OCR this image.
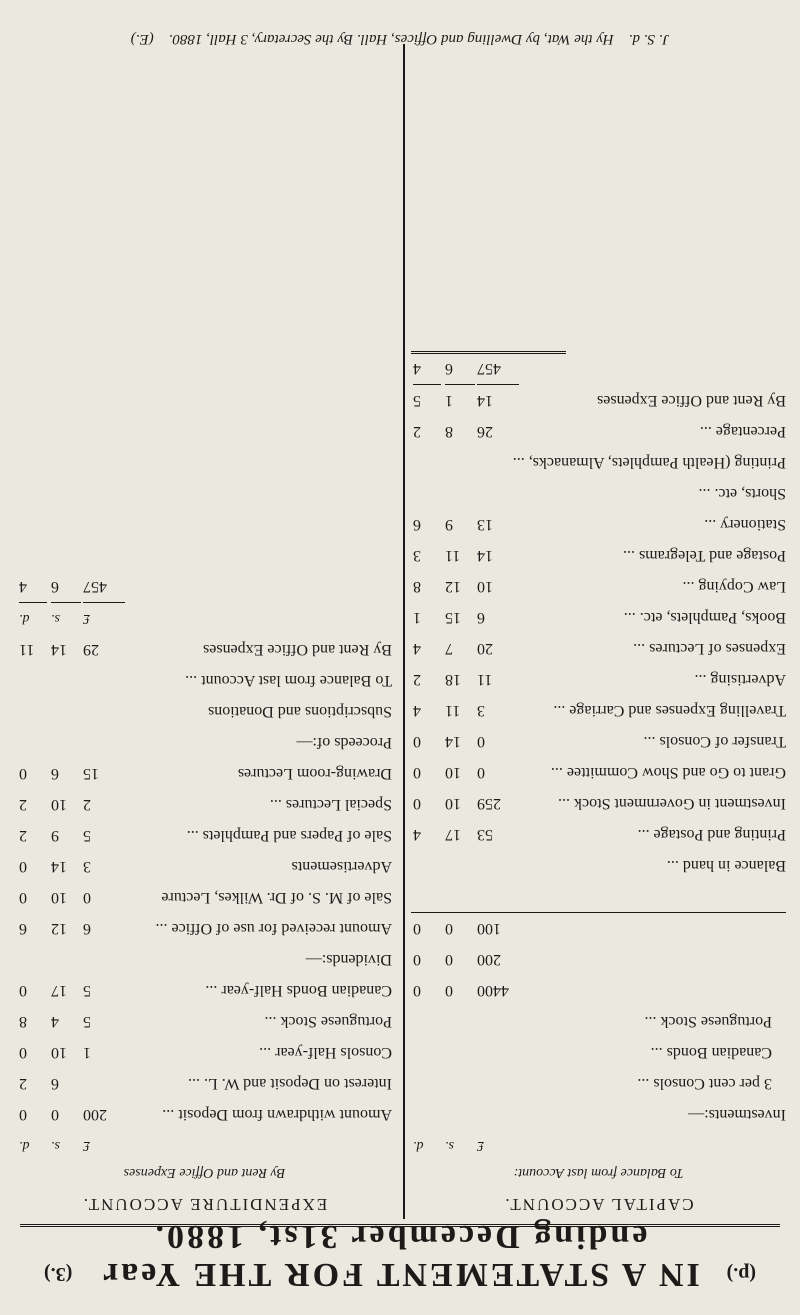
(p.)
IN A STATEMENT FOR THE Year ending December 31st, 1880.
(3.)
CAPITAL ACCOUNT.
To Balance from last Account:
£
s.
d.
Investments:—
3 per cent Consols ...
Canadian Bonds ...
Portuguese Stock ...
4400
0
0
200
0
0
100
0
0
Balance in hand ...
Printing and Postage ...
53
17
4
Investment in Government Stock ...
259
10
0
Grant to Go and Show Committee ...
0
10
0
Transfer of Consols ...
0
14
0
Travelling Expenses and Carriage ...
3
11
4
Advertising ...
11
18
2
Expenses of Lectures ...
20
7
4
Books, Pamphlets, etc. ...
6
15
1
Law Copying ...
10
12
8
Postage and Telegrams ...
14
11
3
Stationery ...
13
9
6
Shorts, etc. ...
Printing (Health Pamphlets, Almanacks, ...
Percentage ...
26
8
2
By Rent and Office Expenses
14
1
5
457
6
4
EXPENDITURE ACCOUNT.
By Rent and Office Expenses
£
s.
d.
Amount withdrawn from Deposit ...
200
0
0
Interest on Deposit and W. L. ...
6
2
Consols Half-year ...
1
10
0
Portuguese Stock ...
5
4
8
Canadian Bonds Half-year ...
5
17
0
Dividends:—
Amount received for use of Office ...
6
12
6
Sale of M. S. of Dr. Wilkes, Lecture
0
10
0
Advertisements
3
14
0
Sale of Papers and Pamphlets ...
5
9
2
Special Lectures ...
2
10
2
Drawing-room Lectures
15
6
0
Proceeds of:—
Subscriptions and Donations
To Balance from last Account ...
By Rent and Office Expenses
29
14
11
£
s.
d.
457
6
4
J. S. d.    Hy the Wat, by Dwelling and Offices, Hall. By the Secretary, 3 Hall, 1880.    (E.)
